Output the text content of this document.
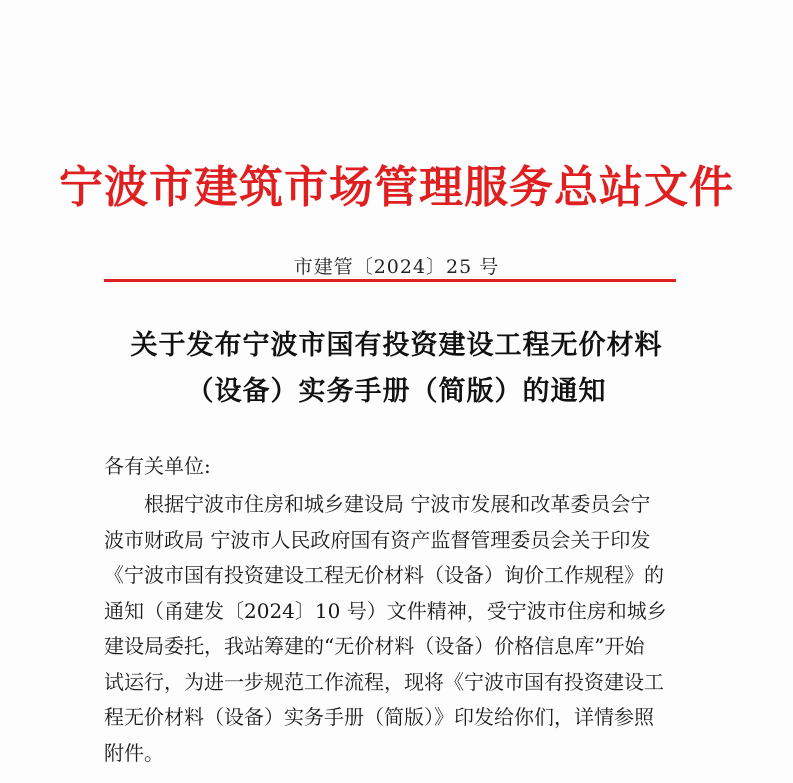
宁波市建筑市场管理服务总站文件
市建管〔2024〕25 号
关于发布宁波市国有投资建设工程无价材料
（设备）实务手册（简版）的通知
各有关单位:
根据宁波市住房和城乡建设局 宁波市发展和改革委员会宁
波市财政局 宁波市人民政府国有资产监督管理委员会关于印发
《宁波市国有投资建设工程无价材料（设备）询价工作规程》的
通知（甬建发〔2024〕10 号）文件精神，受宁波市住房和城乡
建设局委托，我站筹建的“无价材料（设备）价格信息库”开始
试运行，为进一步规范工作流程，现将《宁波市国有投资建设工
程无价材料（设备）实务手册（简版）》印发给你们，详情参照
附件。
